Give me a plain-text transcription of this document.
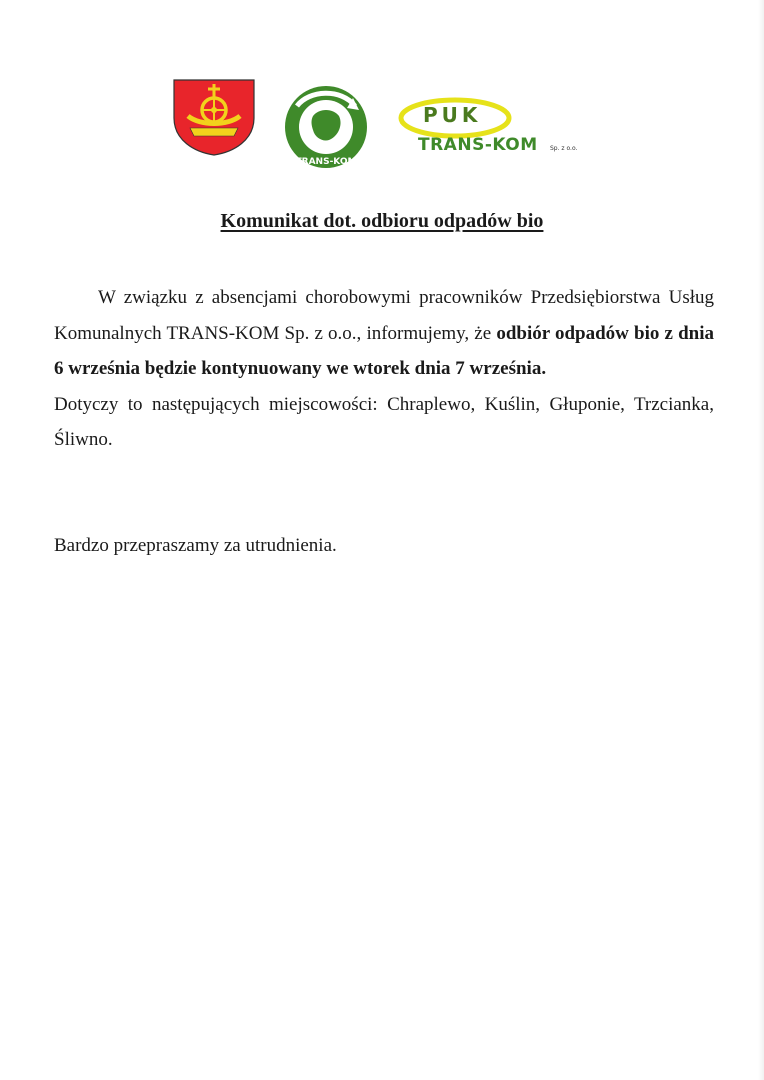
TRANS-KOM
PUK
TRANS-KOM Sp. z o.o.
Komunikat dot. odbioru odpadów bio

W związku z absencjami chorobowymi pracowników Przedsiębiorstwa Usług Komunalnych TRANS-KOM Sp. z o.o., informujemy, że odbiór odpadów bio z dnia 6 września będzie kontynuowany we wtorek dnia 7 września.

Dotyczy to następujących miejscowości: Chraplewo, Kuślin, Głuponie, Trzcianka, Śliwno.

Bardzo przepraszamy za utrudnienia.
